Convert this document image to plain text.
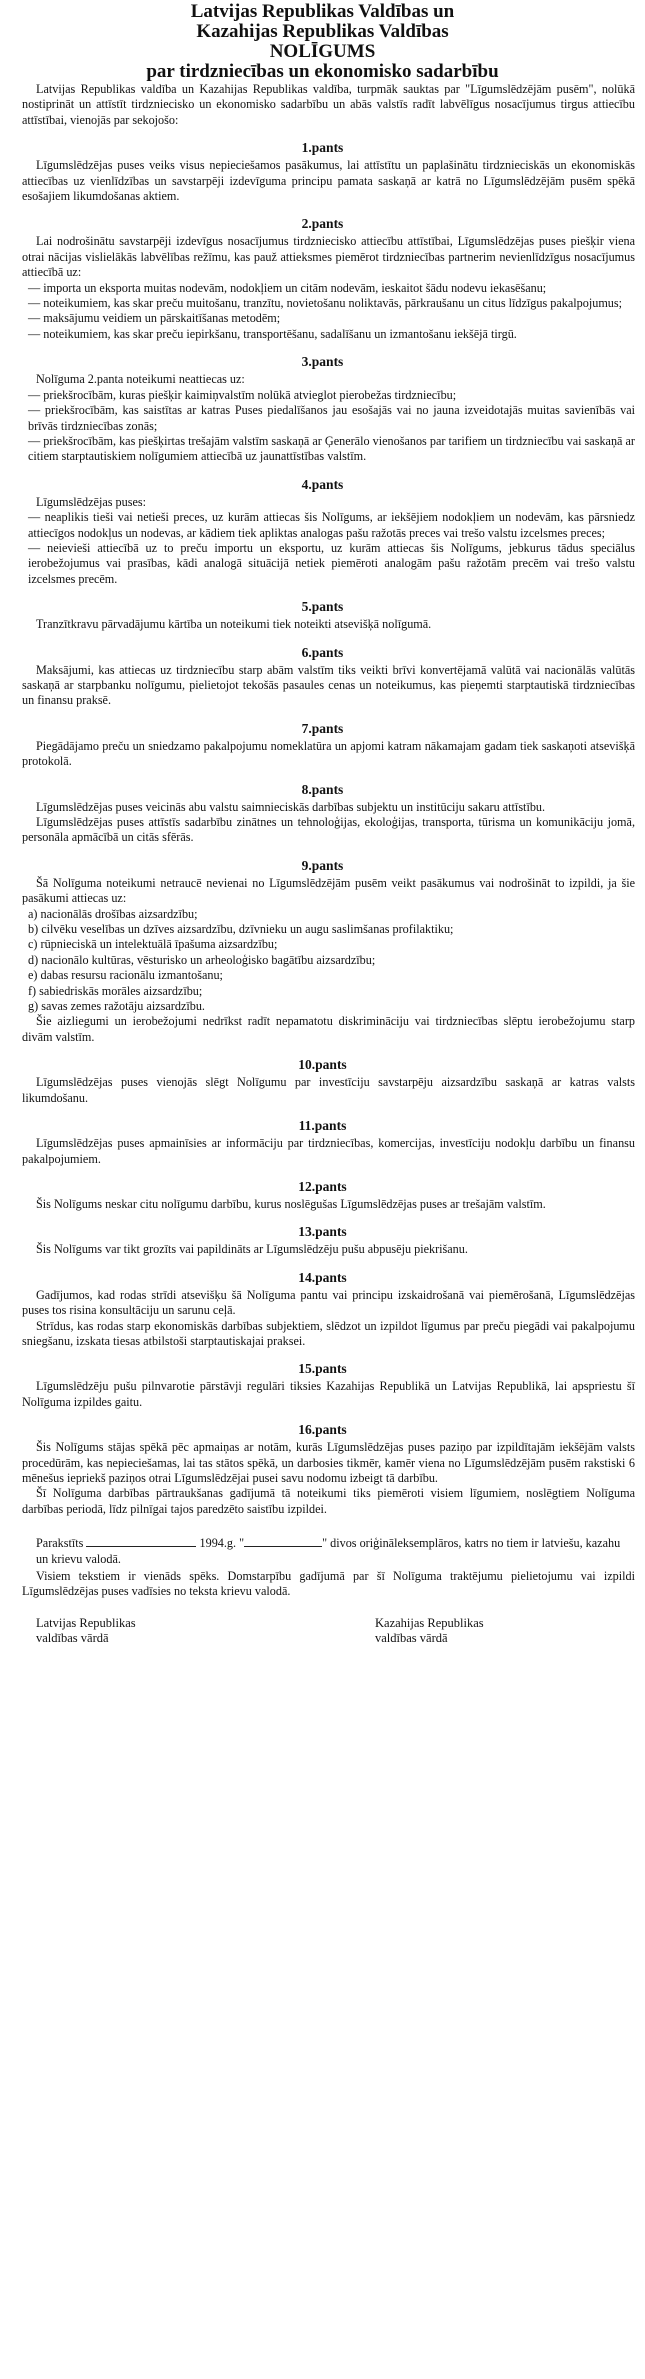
Latvijas Republikas Valdības un
Kazahijas Republikas Valdības
NOLĪGUMS
par tirdzniecības un ekonomisko sadarbību

Latvijas Republikas valdība un Kazahijas Republikas valdība, turpmāk sauktas par "Līgumslēdzējām pusēm", nolūkā nostiprināt un attīstīt tirdzniecisko un ekonomisko sadarbību un abās valstīs radīt labvēlīgus nosacījumus tirgus attiecību attīstībai, vienojās par sekojošo:

1.pants

Līgumslēdzējas puses veiks visus nepieciešamos pasākumus, lai attīstītu un paplašinātu tirdznieciskās un ekonomiskās attiecības uz vienlīdzības un savstarpēji izdevīguma principu pamata saskaņā ar katrā no Līgumslēdzējām pusēm spēkā esošajiem likumdošanas aktiem.

2.pants

Lai nodrošinātu savstarpēji izdevīgus nosacījumus tirdzniecisko attiecību attīstībai, Līgumslēdzējas puses piešķir viena otrai nācijas vislielākās labvēlības režīmu, kas pauž attieksmes piemērot tirdzniecības partnerim nevienlīdzīgus nosacījumus attiecībā uz:

— importa un eksporta muitas nodevām, nodokļiem un citām nodevām, ieskaitot šādu nodevu iekasēšanu;

— noteikumiem, kas skar preču muitošanu, tranzītu, novietošanu noliktavās, pārkraušanu un citus līdzīgus pakalpojumus;

— maksājumu veidiem un pārskaitīšanas metodēm;

— noteikumiem, kas skar preču iepirkšanu, transportēšanu, sadalīšanu un izmantošanu iekšējā tirgū.

3.pants

Nolīguma 2.panta noteikumi neattiecas uz:

— priekšrocībām, kuras piešķir kaimiņvalstīm nolūkā atvieglot pierobežas tirdzniecību;

— priekšrocībām, kas saistītas ar katras Puses piedalīšanos jau esošajās vai no jauna izveidotajās muitas savienībās vai brīvās tirdzniecības zonās;

— priekšrocībām, kas piešķirtas trešajām valstīm saskaņā ar Ģenerālo vienošanos par tarifiem un tirdzniecību vai saskaņā ar citiem starptautiskiem nolīgumiem attiecībā uz jaunattīstības valstīm.

4.pants

Līgumslēdzējas puses:

— neaplikis tieši vai netieši preces, uz kurām attiecas šis Nolīgums, ar iekšējiem nodokļiem un nodevām, kas pārsniedz attiecīgos nodokļus un nodevas, ar kādiem tiek apliktas analogas pašu ražotās preces vai trešo valstu izcelsmes preces;

— neievieši attiecībā uz to preču importu un eksportu, uz kurām attiecas šis Nolīgums, jebkurus tādus speciālus ierobežojumus vai prasības, kādi analogā situācijā netiek piemēroti analogām pašu ražotām precēm vai trešo valstu izcelsmes precēm.

5.pants

Tranzītkravu pārvadājumu kārtība un noteikumi tiek noteikti atsevišķā nolīgumā.

6.pants

Maksājumi, kas attiecas uz tirdzniecību starp abām valstīm tiks veikti brīvi konvertējamā valūtā vai nacionālās valūtās saskaņā ar starpbanku nolīgumu, pielietojot tekošās pasaules cenas un noteikumus, kas pieņemti starptautiskā tirdzniecības un finansu praksē.

7.pants

Piegādājamo preču un sniedzamo pakalpojumu nomeklatūra un apjomi katram nākamajam gadam tiek saskaņoti atsevišķā protokolā.

8.pants

Līgumslēdzējas puses veicinās abu valstu saimnieciskās darbības subjektu un institūciju sakaru attīstību.

Līgumslēdzējas puses attīstīs sadarbību zinātnes un tehnoloģijas, ekoloģijas, transporta, tūrisma un komunikāciju jomā, personāla apmācībā un citās sfērās.

9.pants

Šā Nolīguma noteikumi netraucē nevienai no Līgumslēdzējām pusēm veikt pasākumus vai nodrošināt to izpildi, ja šie pasākumi attiecas uz:

a) nacionālās drošības aizsardzību;

b) cilvēku veselības un dzīves aizsardzību, dzīvnieku un augu saslimšanas profilaktiku;

c) rūpnieciskā un intelektuālā īpašuma aizsardzību;

d) nacionālo kultūras, vēsturisko un arheoloģisko bagātību aizsardzību;

e) dabas resursu racionālu izmantošanu;

f) sabiedriskās morāles aizsardzību;

g) savas zemes ražotāju aizsardzību.

Šie aizliegumi un ierobežojumi nedrīkst radīt nepamatotu diskrimināciju vai tirdzniecības slēptu ierobežojumu starp divām valstīm.

10.pants

Līgumslēdzējas puses vienojās slēgt Nolīgumu par investīciju savstarpēju aizsardzību saskaņā ar katras valsts likumdošanu.

11.pants

Līgumslēdzējas puses apmainīsies ar informāciju par tirdzniecības, komercijas, investīciju nodokļu darbību un finansu pakalpojumiem.

12.pants

Šis Nolīgums neskar citu nolīgumu darbību, kurus noslēgušas Līgumslēdzējas puses ar trešajām valstīm.

13.pants

Šis Nolīgums var tikt grozīts vai papildināts ar Līgumslēdzēju pušu abpusēju piekrišanu.

14.pants

Gadījumos, kad rodas strīdi atsevišķu šā Nolīguma pantu vai principu izskaidrošanā vai piemērošanā, Līgumslēdzējas puses tos risina konsultāciju un sarunu ceļā.

Strīdus, kas rodas starp ekonomiskās darbības subjektiem, slēdzot un izpildot līgumus par preču piegādi vai pakalpojumu sniegšanu, izskata tiesas atbilstoši starptautiskajai praksei.

15.pants

Līgumslēdzēju pušu pilnvarotie pārstāvji regulāri tiksies Kazahijas Republikā un Latvijas Republikā, lai apspriestu šī Nolīguma izpildes gaitu.

16.pants

Šis Nolīgums stājas spēkā pēc apmaiņas ar notām, kurās Līgumslēdzējas puses paziņo par izpildītajām iekšējām valsts procedūrām, kas nepieciešamas, lai tas stātos spēkā, un darbosies tikmēr, kamēr viena no Līgumslēdzējām pusēm rakstiski 6 mēnešus iepriekš paziņos otrai Līgumslēdzējai pusei savu nodomu izbeigt tā darbību.

Šī Nolīguma darbības pārtraukšanas gadījumā tā noteikumi tiks piemēroti visiem līgumiem, noslēgtiem Nolīguma darbības periodā, līdz pilnīgai tajos paredzēto saistību izpildei.

Parakstīts	1994.g. "	" divos oriģināleksemplāros, katrs no tiem ir latviešu, kazahu un krievu valodā.

Visiem tekstiem ir vienāds spēks. Domstarpību gadījumā par šī Nolīguma traktējumu pielietojumu vai izpildi Līgumslēdzējas puses vadīsies no teksta krievu valodā.

Latvijas Republikas
valdības vārdā
Kazahijas Republikas
valdības vārdā
